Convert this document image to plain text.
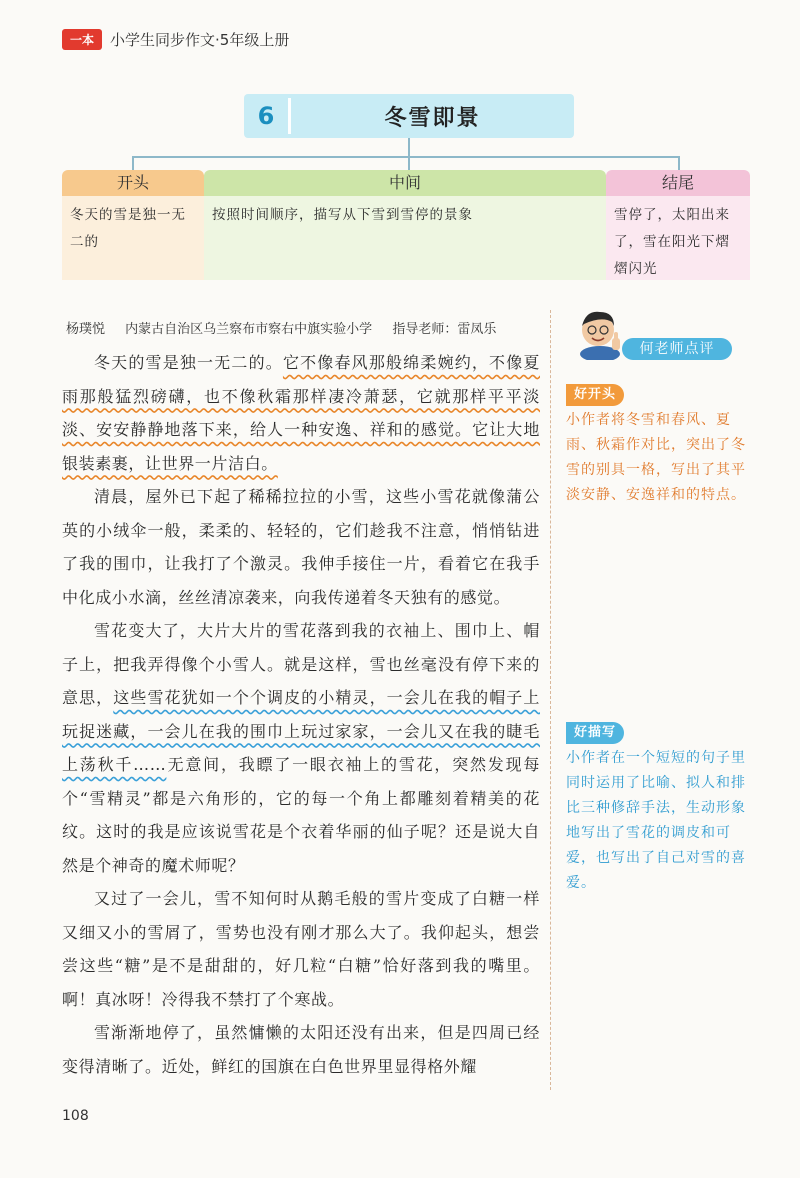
一本	小学生同步作文·5年级上册
6	冬雪即景
开头
冬天的雪是独一无二的
中间
按照时间顺序，描写从下雪到雪停的景象
结尾
雪停了，太阳出来了，雪在阳光下熠熠闪光
杨璞悦 内蒙古自治区乌兰察布市察右中旗实验小学 指导老师：雷凤乐

冬天的雪是独一无二的。它不像春风那般绵柔婉约，不像夏雨那般猛烈磅礴，也不像秋霜那样凄冷萧瑟，它就那样平平淡淡、安安静静地落下来，给人一种安逸、祥和的感觉。它让大地银装素裹，让世界一片洁白。

清晨，屋外已下起了稀稀拉拉的小雪，这些小雪花就像蒲公英的小绒伞一般，柔柔的、轻轻的，它们趁我不注意，悄悄钻进了我的围巾，让我打了个激灵。我伸手接住一片，看着它在我手中化成小水滴，丝丝清凉袭来，向我传递着冬天独有的感觉。

雪花变大了，大片大片的雪花落到我的衣袖上、围巾上、帽子上，把我弄得像个小雪人。就是这样，雪也丝毫没有停下来的意思，这些雪花犹如一个个调皮的小精灵，一会儿在我的帽子上玩捉迷藏，一会儿在我的围巾上玩过家家，一会儿又在我的睫毛上荡秋千……无意间，我瞟了一眼衣袖上的雪花，突然发现每个“雪精灵”都是六角形的，它的每一个角上都雕刻着精美的花纹。这时的我是应该说雪花是个衣着华丽的仙子呢？还是说大自然是个神奇的魔术师呢？

又过了一会儿，雪不知何时从鹅毛般的雪片变成了白糖一样又细又小的雪屑了，雪势也没有刚才那么大了。我仰起头，想尝尝这些“糖”是不是甜甜的，好几粒“白糖”恰好落到我的嘴里。啊！真冰呀！冷得我不禁打了个寒战。

雪渐渐地停了，虽然慵懒的太阳还没有出来，但是四周已经变得清晰了。近处，鲜红的国旗在白色世界里显得格外耀

何老师点评
好开头
小作者将冬雪和春风、夏雨、秋霜作对比，突出了冬雪的别具一格，写出了其平淡安静、安逸祥和的特点。
好描写
小作者在一个短短的句子里同时运用了比喻、拟人和排比三种修辞手法，生动形象地写出了雪花的调皮和可爱，也写出了自己对雪的喜爱。
108
